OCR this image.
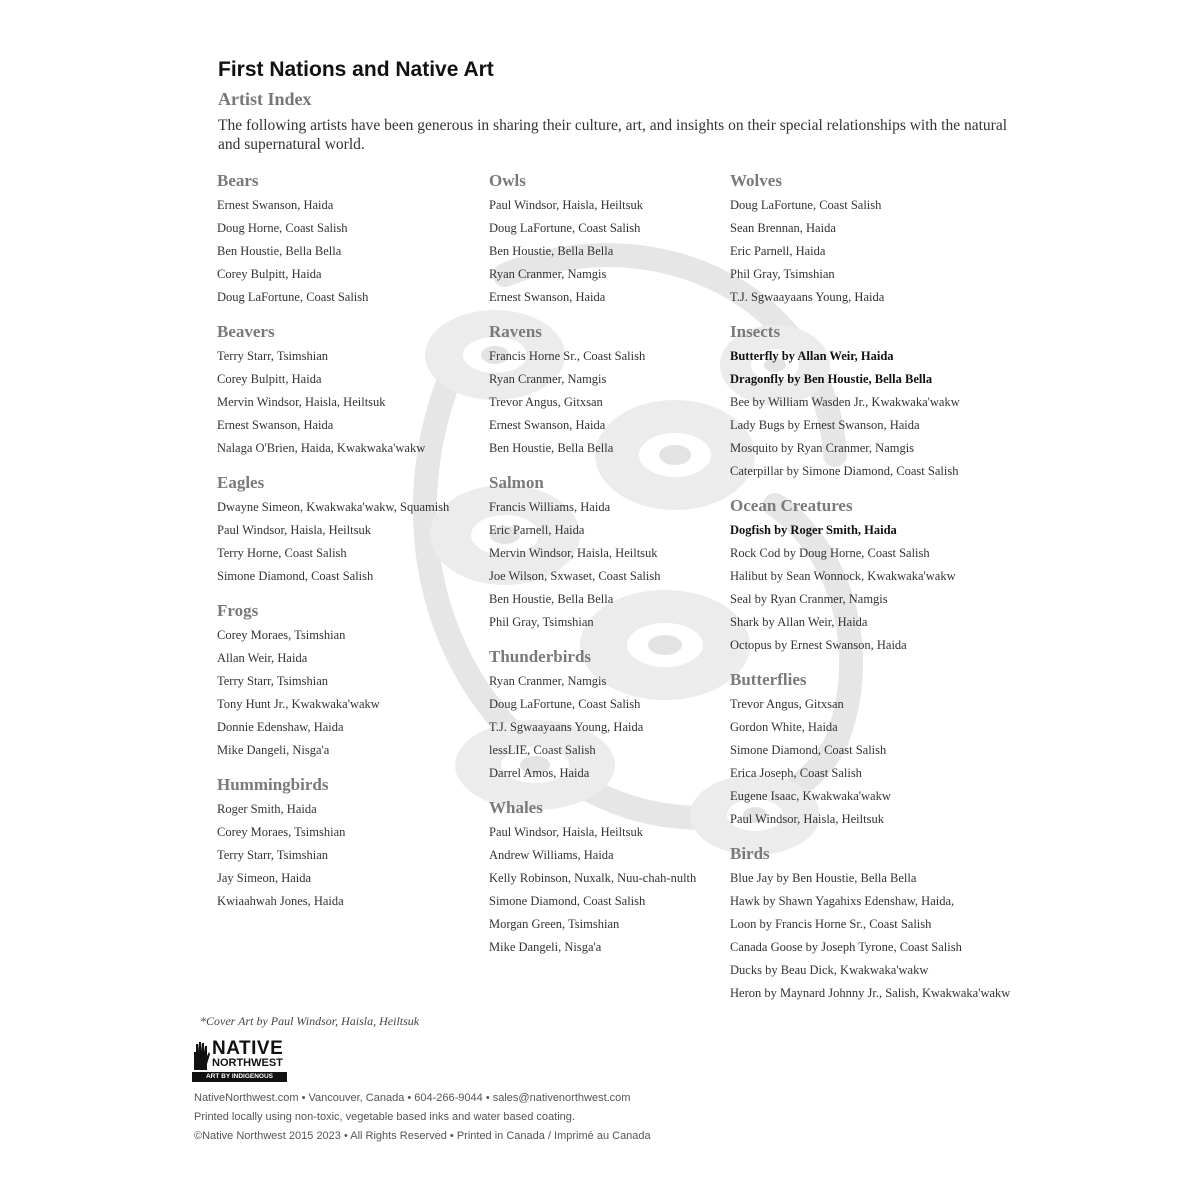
First Nations and Native Art
Artist Index
The following artists have been generous in sharing their culture, art, and insights on their special relationships with the natural and supernatural world.
Bears
Ernest Swanson, Haida
Doug Horne, Coast Salish
Ben Houstie, Bella Bella
Corey Bulpitt, Haida
Doug LaFortune, Coast Salish
Beavers
Terry Starr, Tsimshian
Corey Bulpitt, Haida
Mervin Windsor, Haisla, Heiltsuk
Ernest Swanson, Haida
Nalaga O'Brien, Haida, Kwakwaka'wakw
Eagles
Dwayne Simeon, Kwakwaka'wakw, Squamish
Paul Windsor, Haisla, Heiltsuk
Terry Horne, Coast Salish
Simone Diamond, Coast Salish
Frogs
Corey Moraes, Tsimshian
Allan Weir, Haida
Terry Starr, Tsimshian
Tony Hunt Jr., Kwakwaka'wakw
Donnie Edenshaw, Haida
Mike Dangeli, Nisga'a
Hummingbirds
Roger Smith, Haida
Corey Moraes, Tsimshian
Terry Starr, Tsimshian
Jay Simeon, Haida
Kwiaahwah Jones, Haida
Owls
Paul Windsor, Haisla, Heiltsuk
Doug LaFortune, Coast Salish
Ben Houstie, Bella Bella
Ryan Cranmer, Namgis
Ernest Swanson, Haida
Ravens
Francis Horne Sr., Coast Salish
Ryan Cranmer, Namgis
Trevor Angus, Gitxsan
Ernest Swanson, Haida
Ben Houstie, Bella Bella
Salmon
Francis Williams, Haida
Eric Parnell, Haida
Mervin Windsor, Haisla, Heiltsuk
Joe Wilson, Sxwaset, Coast Salish
Ben Houstie, Bella Bella
Phil Gray, Tsimshian
Thunderbirds
Ryan Cranmer, Namgis
Doug LaFortune, Coast Salish
T.J. Sgwaayaans Young, Haida
lessLIE, Coast Salish
Darrel Amos, Haida
Whales
Paul Windsor, Haisla, Heiltsuk
Andrew Williams, Haida
Kelly Robinson, Nuxalk, Nuu-chah-nulth
Simone Diamond, Coast Salish
Morgan Green, Tsimshian
Mike Dangeli, Nisga'a
Wolves
Doug LaFortune, Coast Salish
Sean Brennan, Haida
Eric Parnell, Haida
Phil Gray, Tsimshian
T.J. Sgwaayaans Young, Haida
Insects
Butterfly by Allan Weir, Haida
Dragonfly by Ben Houstie, Bella Bella
Bee by William Wasden Jr., Kwakwaka'wakw
Lady Bugs by Ernest Swanson, Haida
Mosquito by Ryan Cranmer, Namgis
Caterpillar by Simone Diamond, Coast Salish
Ocean Creatures
Dogfish by Roger Smith, Haida
Rock Cod by Doug Horne, Coast Salish
Halibut by Sean Wonnock, Kwakwaka'wakw
Seal by Ryan Cranmer, Namgis
Shark by Allan Weir, Haida
Octopus by Ernest Swanson, Haida
Butterflies
Trevor Angus, Gitxsan
Gordon White, Haida
Simone Diamond, Coast Salish
Erica Joseph, Coast Salish
Eugene Isaac, Kwakwaka'wakw
Paul Windsor, Haisla, Heiltsuk
Birds
Blue Jay by Ben Houstie, Bella Bella
Hawk by Shawn Yagahixs Edenshaw, Haida,
Loon by Francis Horne Sr., Coast Salish
Canada Goose by Joseph Tyrone, Coast Salish
Ducks by Beau Dick, Kwakwaka'wakw
Heron by Maynard Johnny Jr., Salish, Kwakwaka'wakw
*Cover Art by Paul Windsor, Haisla, Heiltsuk
NATIVE
NORTHWEST
ART BY INDIGENOUS ARTISTS
NativeNorthwest.com • Vancouver, Canada • 604-266-9044 • sales@nativenorthwest.com
Printed locally using non-toxic, vegetable based inks and water based coating.
©Native Northwest 2015 2023 • All Rights Reserved • Printed in Canada / Imprimé au Canada
